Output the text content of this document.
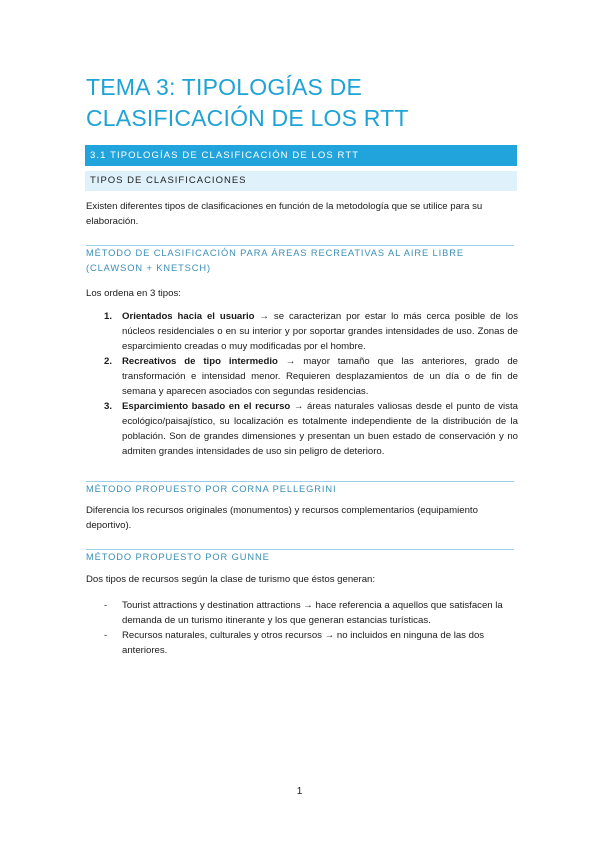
TEMA 3: TIPOLOGÍAS DE CLASIFICACIÓN DE LOS RTT
3.1 TIPOLOGÍAS DE CLASIFICACIÓN DE LOS RTT
TIPOS DE CLASIFICACIONES

Existen diferentes tipos de clasificaciones en función de la metodología que se utilice para su elaboración.

MÉTODO DE CLASIFICACIÓN PARA ÁREAS RECREATIVAS AL AIRE LIBRE (CLAWSON + KNETSCH)

Los ordena en 3 tipos:

1. Orientados hacia el usuario → se caracterizan por estar lo más cerca posible de los núcleos residenciales o en su interior y por soportar grandes intensidades de uso. Zonas de esparcimiento creadas o muy modificadas por el hombre.
2. Recreativos de tipo intermedio → mayor tamaño que las anteriores, grado de transformación e intensidad menor. Requieren desplazamientos de un día o de fin de semana y aparecen asociados con segundas residencias.
3. Esparcimiento basado en el recurso → áreas naturales valiosas desde el punto de vista ecológico/paisajístico, su localización es totalmente independiente de la distribución de la población. Son de grandes dimensiones y presentan un buen estado de conservación y no admiten grandes intensidades de uso sin peligro de deterioro.
MÉTODO PROPUESTO POR CORNA PELLEGRINI

Diferencia los recursos originales (monumentos) y recursos complementarios (equipamiento deportivo).

MÉTODO PROPUESTO POR GUNNE

Dos tipos de recursos según la clase de turismo que éstos generan:

- Tourist attractions y destination attractions → hace referencia a aquellos que satisfacen la demanda de un turismo itinerante y los que generan estancias turísticas.
- Recursos naturales, culturales y otros recursos → no incluidos en ninguna de las dos anteriores.
1
